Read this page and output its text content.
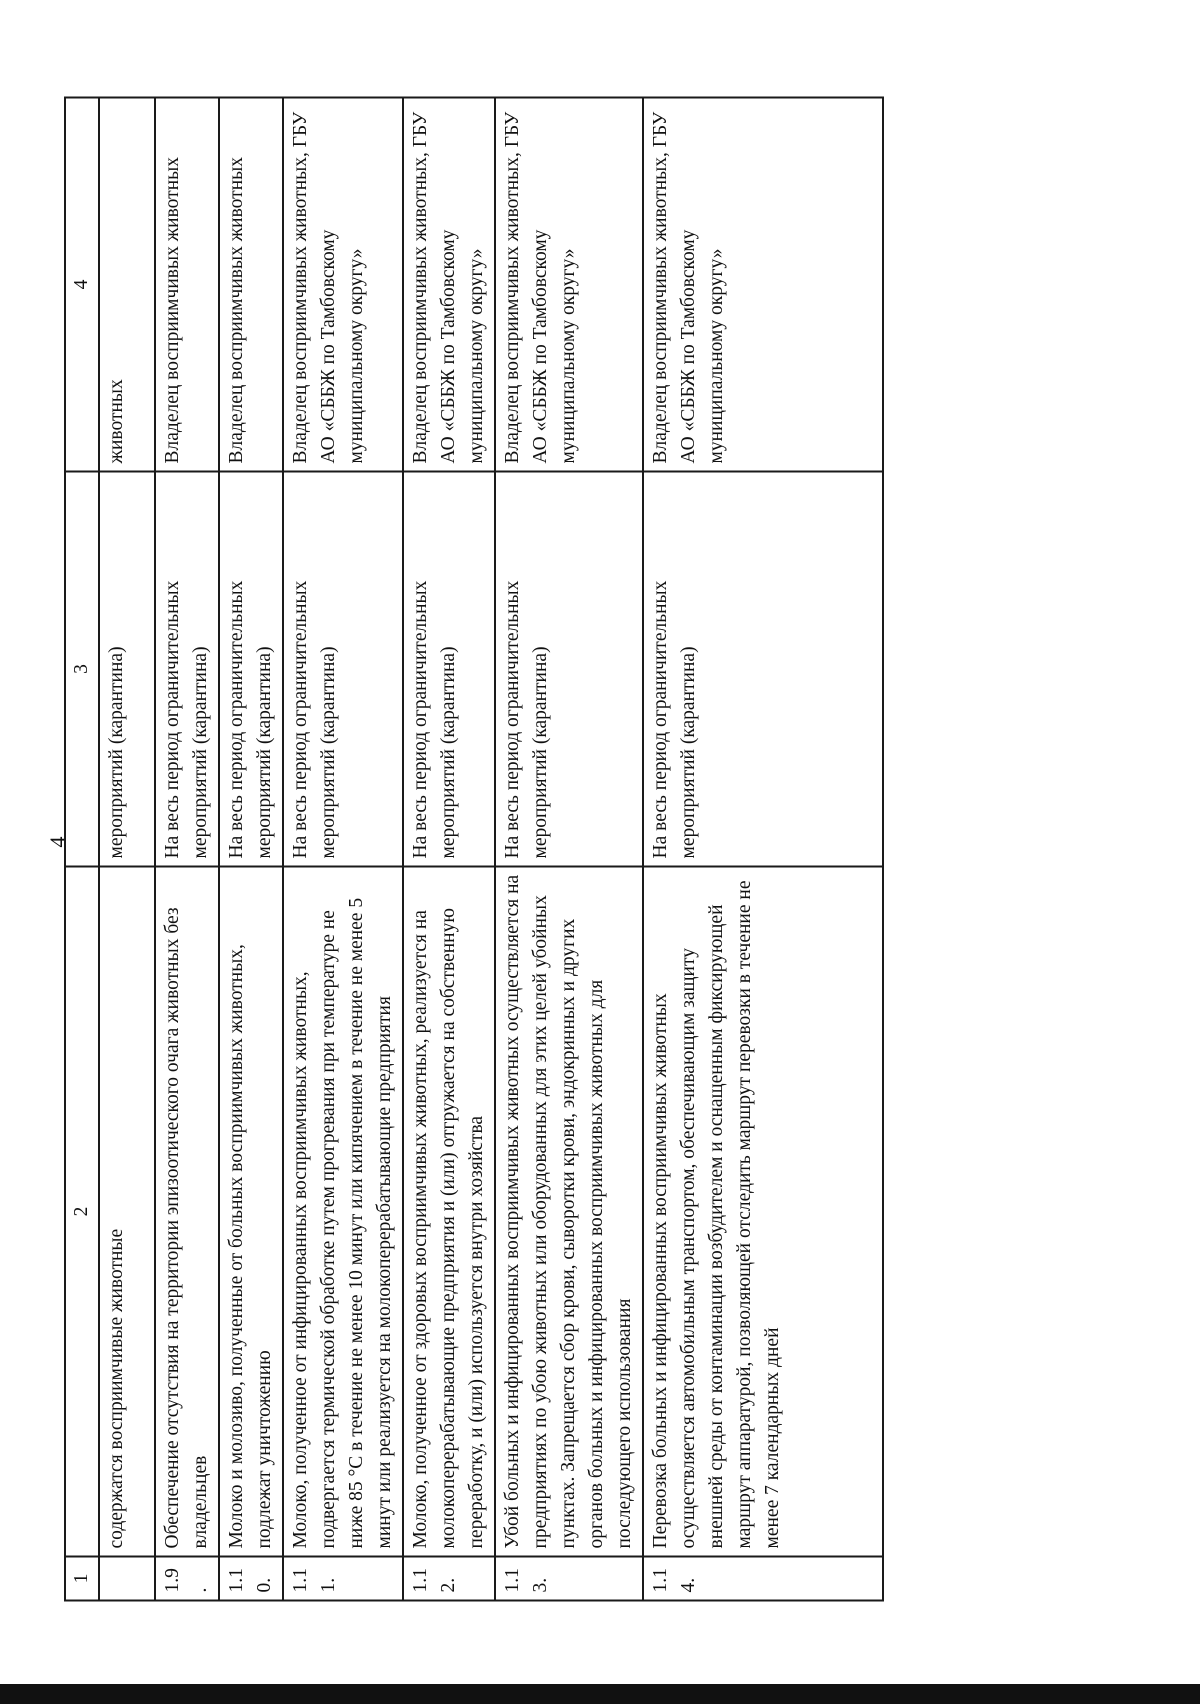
4
1	2	3	4
	содержатся восприимчивые животные	мероприятий (карантина)	животных
1.9.	Обеспечение отсутствия на территории эпизоотического очага животных без владельцев	На весь период ограничительных мероприятий (карантина)	Владелец восприимчивых животных
1.10.	Молоко и молозиво, полученные от больных восприимчивых животных, подлежат уничтожению	На весь период ограничительных мероприятий (карантина)	Владелец восприимчивых животных
1.11.	Молоко, полученное от инфицированных восприимчивых животных, подвергается термической обработке путем прогревания при температуре не ниже 85 °С в течение не менее 10 минут или кипячением в течение не менее 5 минут или реализуется на молокоперерабатывающие предприятия	На весь период ограничительных мероприятий (карантина)	Владелец восприимчивых животных, ГБУ АО «СББЖ по Тамбовскому муниципальному округу»
1.12.	Молоко, полученное от здоровых восприимчивых животных, реализуется на молокоперерабатывающие предприятия и (или) отгружается на собственную переработку, и (или) используется внутри хозяйства	На весь период ограничительных мероприятий (карантина)	Владелец восприимчивых животных, ГБУ АО «СББЖ по Тамбовскому муниципальному округу»
1.13.	Убой больных и инфицированных восприимчивых животных осуществляется на предприятиях по убою животных или оборудованных для этих целей убойных пунктах. Запрещается сбор крови, сыворотки крови, эндокринных и других органов больных и инфицированных восприимчивых животных для последующего использования	На весь период ограничительных мероприятий (карантина)	Владелец восприимчивых животных, ГБУ АО «СББЖ по Тамбовскому муниципальному округу»
1.14.	Перевозка больных и инфицированных восприимчивых животных осуществляется автомобильным транспортом, обеспечивающим защиту внешней среды от контаминации возбудителем и оснащенным фиксирующей маршрут аппаратурой, позволяющей отследить маршрут перевозки в течение не менее 7 календарных дней	На весь период ограничительных мероприятий (карантина)	Владелец восприимчивых животных, ГБУ АО «СББЖ по Тамбовскому муниципальному округу»
